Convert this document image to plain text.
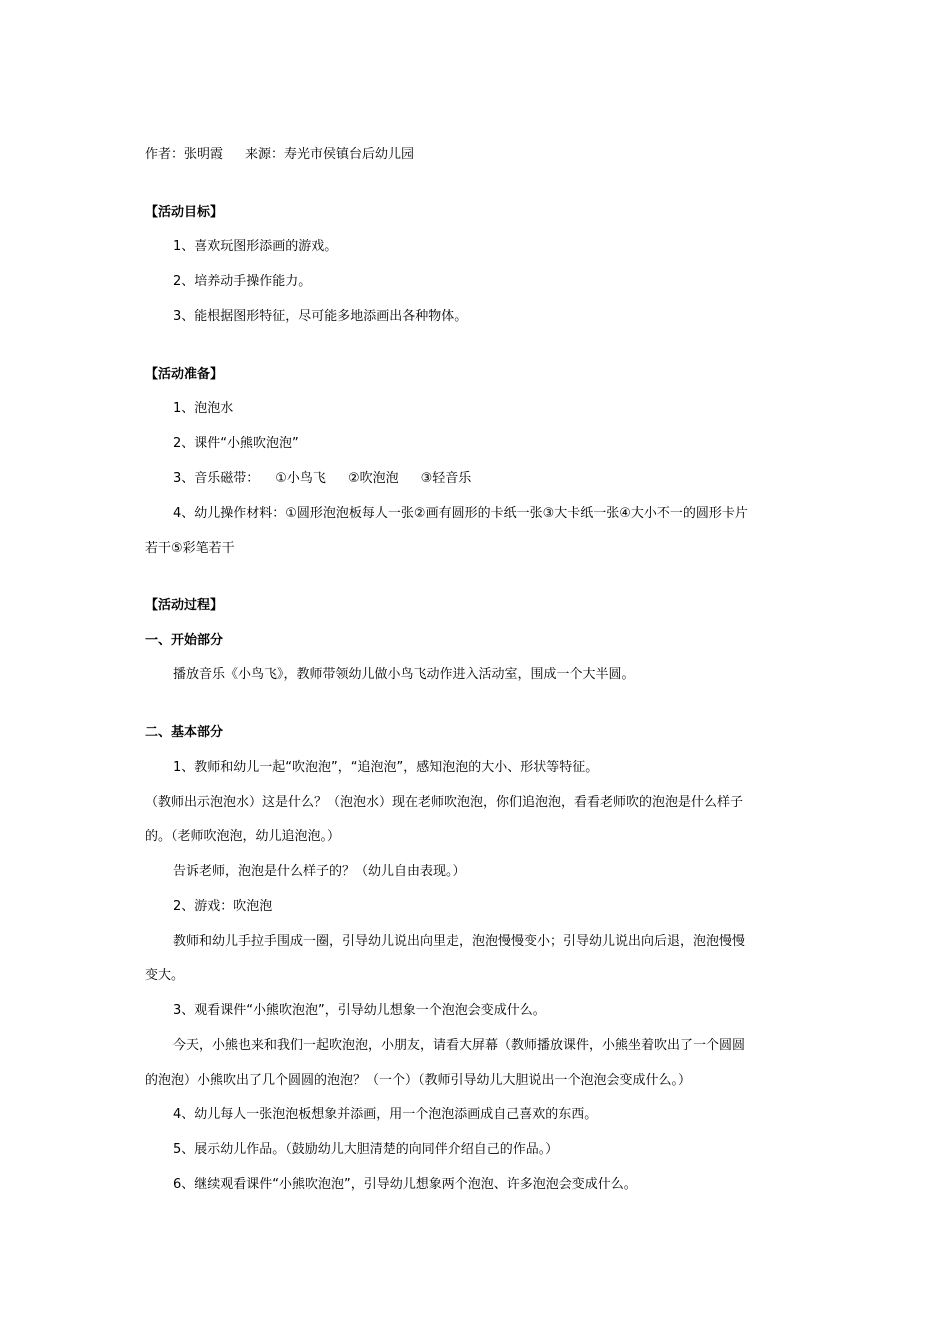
作者：张明霞 来源：寿光市侯镇台后幼儿园
【活动目标】
1、喜欢玩图形添画的游戏。
2、培养动手操作能力。
3、能根据图形特征，尽可能多地添画出各种物体。
【活动准备】
1、泡泡水
2、课件“小熊吹泡泡”
3、音乐磁带： ①小鸟飞 ②吹泡泡 ③轻音乐
4、幼儿操作材料：①圆形泡泡板每人一张②画有圆形的卡纸一张③大卡纸一张④大小不一的圆形卡片
若干⑤彩笔若干
【活动过程】
一、开始部分
播放音乐《小鸟飞》，教师带领幼儿做小鸟飞动作进入活动室，围成一个大半圆。
二、基本部分
1、教师和幼儿一起“吹泡泡”，“追泡泡”，感知泡泡的大小、形状等特征。
（教师出示泡泡水）这是什么？（泡泡水）现在老师吹泡泡，你们追泡泡，看看老师吹的泡泡是什么样子
的。（老师吹泡泡，幼儿追泡泡。）
告诉老师，泡泡是什么样子的？（幼儿自由表现。）
2、游戏：吹泡泡
教师和幼儿手拉手围成一圈，引导幼儿说出向里走，泡泡慢慢变小；引导幼儿说出向后退，泡泡慢慢
变大。
3、观看课件“小熊吹泡泡”，引导幼儿想象一个泡泡会变成什么。
今天，小熊也来和我们一起吹泡泡，小朋友，请看大屏幕（教师播放课件，小熊坐着吹出了一个圆圆
的泡泡）小熊吹出了几个圆圆的泡泡？（一个）（教师引导幼儿大胆说出一个泡泡会变成什么。）
4、幼儿每人一张泡泡板想象并添画，用一个泡泡添画成自己喜欢的东西。
5、展示幼儿作品。（鼓励幼儿大胆清楚的向同伴介绍自己的作品。）
6、继续观看课件“小熊吹泡泡”，引导幼儿想象两个泡泡、许多泡泡会变成什么。
